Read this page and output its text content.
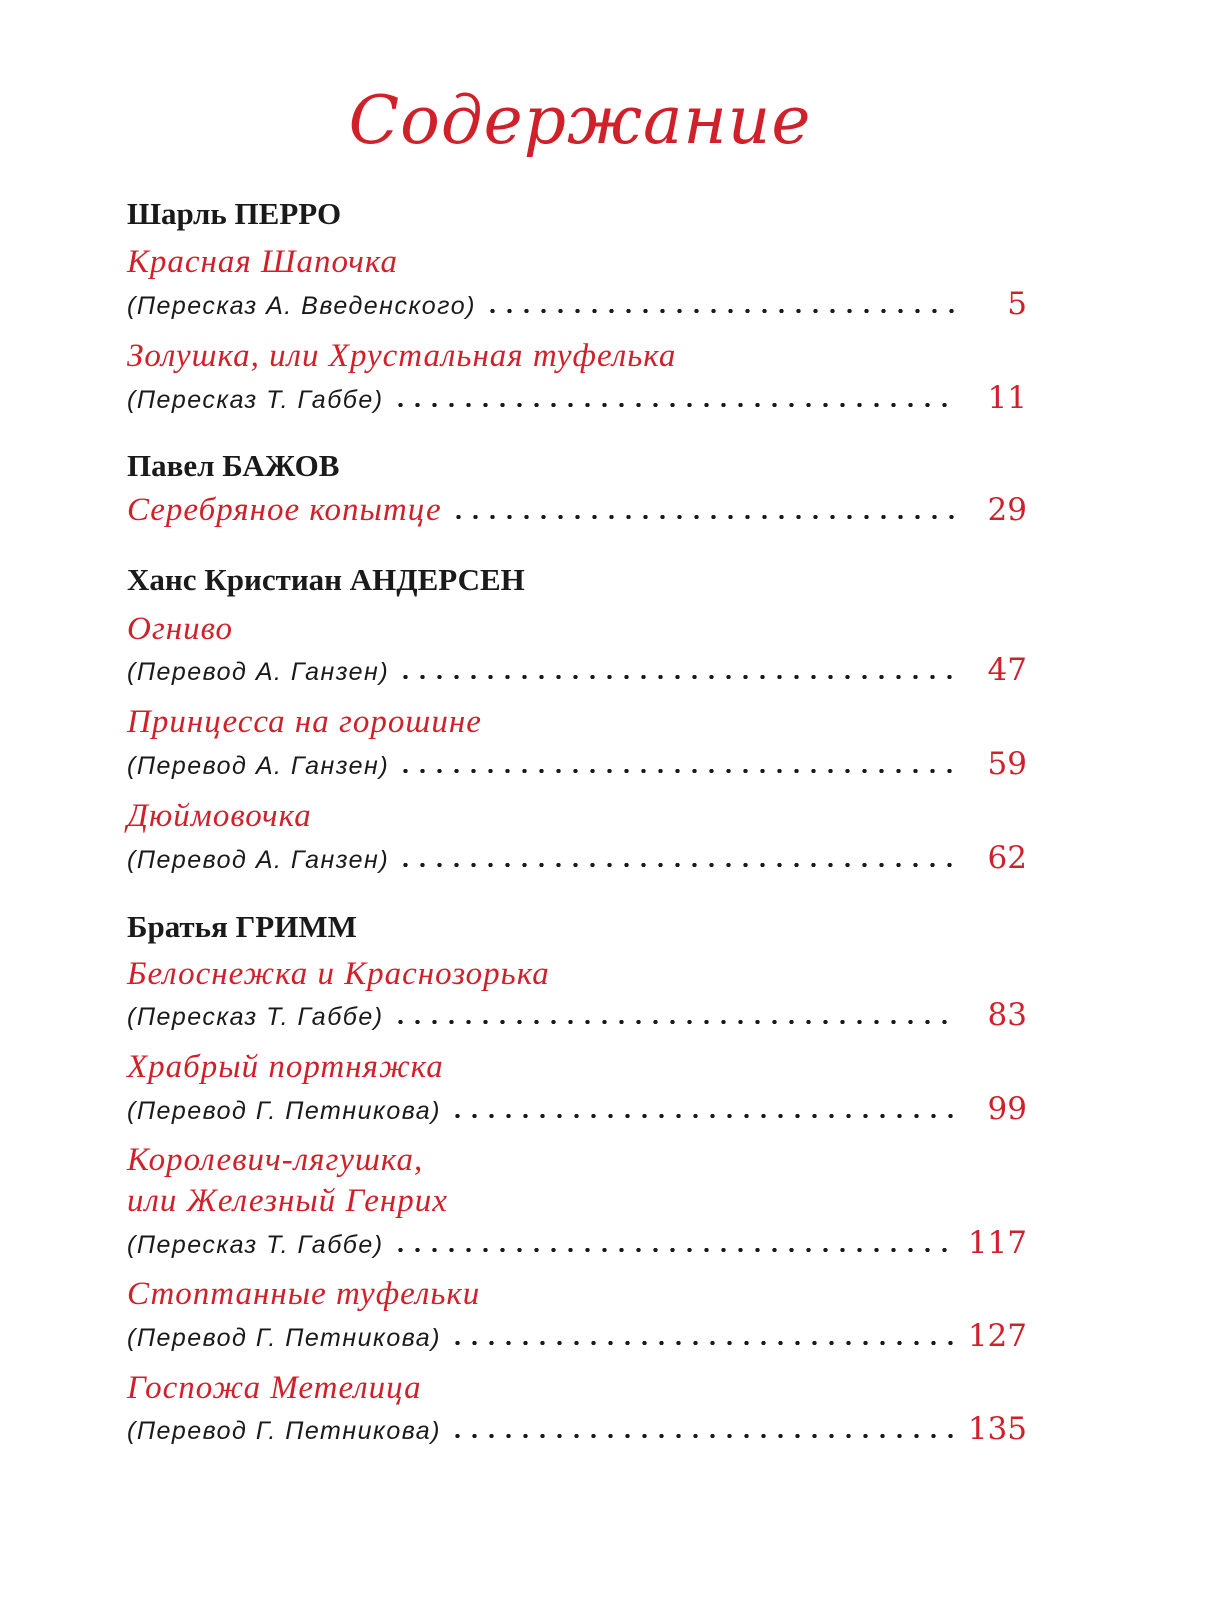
Содержание
Шарль ПЕРРО
Красная Шапочка
(Пересказ А. Введенского)	5
Золушка, или Хрустальная туфелька
(Пересказ Т. Габбе)	11
Павел БАЖОВ
Серебряное копытце	29
Ханс Кристиан АНДЕРСЕН
Огниво
(Перевод А. Ганзен)	47
Принцесса на горошине
(Перевод А. Ганзен)	59
Дюймовочка
(Перевод А. Ганзен)	62
Братья ГРИММ
Белоснежка и Краснозорька
(Пересказ Т. Габбе)	83
Храбрый портняжка
(Перевод Г. Петникова)	99
Королевич-лягушка,
или Железный Генрих
(Пересказ Т. Габбе)	117
Стоптанные туфельки
(Перевод Г. Петникова)	127
Госпожа Метелица
(Перевод Г. Петникова)	135
